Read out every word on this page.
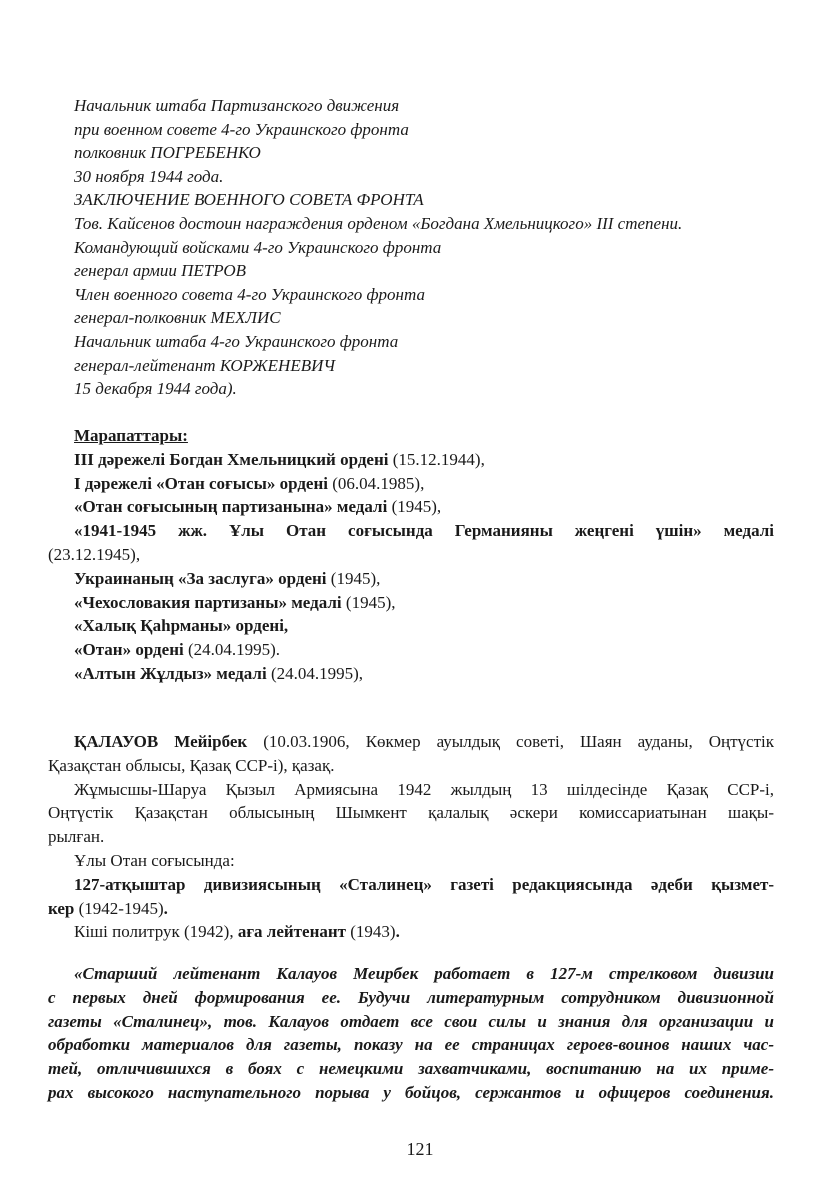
Начальник штаба Партизанского движения
при военном совете 4-го Украинского фронта
полковник ПОГРЕБЕНКО
30 ноября 1944 года.
ЗАКЛЮЧЕНИЕ ВОЕННОГО СОВЕТА ФРОНТА
Тов. Кайсенов достоин награждения орденом «Богдана Хмельницкого» III степени.
Командующий войсками 4-го Украинского фронта
генерал армии ПЕТРОВ
Член военного совета 4-го Украинского фронта
генерал-полковник МЕХЛИС
Начальник штаба 4-го Украинского фронта
генерал-лейтенант КОРЖЕНЕВИЧ
15 декабря 1944 года).
Марапаттары:
III дәрежелі Богдан Хмельницкий ордені (15.12.1944),
I дәрежелі «Отан соғысы» ордені (06.04.1985),
«Отан соғысының партизанына» медалі (1945),
«1941-1945 жж. Ұлы Отан соғысында Германияны жеңгені үшін» медалі
(23.12.1945),
Украинаның «За заслуга» ордені (1945),
«Чехословакия партизаны» медалі (1945),
«Халық Қаһрманы» ордені,
«Отан» ордені (24.04.1995).
«Алтын Жұлдыз» медалі (24.04.1995),
ҚАЛАУОВ Мейірбек (10.03.1906, Көкмер ауылдық советі, Шаян ауданы, Оңтүстік
Қазақстан облысы, Қазақ ССР-і), қазақ.
Жұмысшы-Шаруа Қызыл Армиясына 1942 жылдың 13 шілдесінде Қазақ ССР-і,
Оңтүстік Қазақстан облысының Шымкент қалалық әскери комиссариатынан шақы-
рылған.
Ұлы Отан соғысында:
127-атқыштар дивизиясының «Сталинец» газеті редакциясында әдеби қызмет-
кер (1942-1945).
Кіші политрук (1942), аға лейтенант (1943).
«Старший лейтенант Калауов Меирбек работает в 127-м стрелковом дивизии
с первых дней формирования ее. Будучи литературным сотрудником дивизионной
газеты «Сталинец», тов. Калауов отдает все свои силы и знания для организации и
обработки материалов для газеты, показу на ее страницах героев-воинов наших час-
тей, отличившихся в боях с немецкими захватчиками, воспитанию на их приме-
рах высокого наступательного порыва у бойцов, сержантов и офицеров соединения.
121
